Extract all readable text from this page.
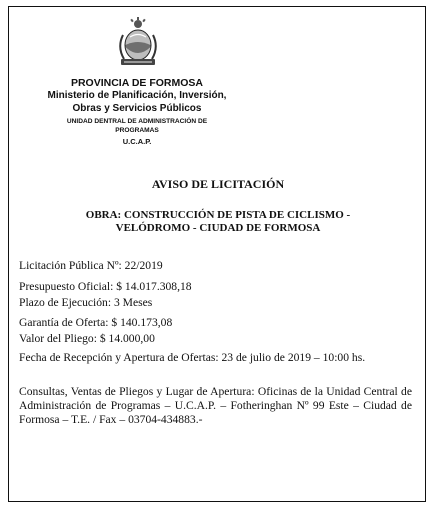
PROVINCIA DE FORMOSA
Ministerio de Planificación, Inversión,
Obras y Servicios Públicos
UNIDAD DENTRAL DE ADMINISTRACIÓN DE
PROGRAMAS
U.C.A.P.
AVISO DE LICITACIÓN
OBRA: CONSTRUCCIÓN DE PISTA DE CICLISMO -
VELÓDROMO - CIUDAD DE FORMOSA
Licitación Pública Nº: 22/2019
Presupuesto Oficial: $ 14.017.308,18
Plazo de Ejecución: 3 Meses
Garantía de Oferta: $ 140.173,08
Valor del Pliego: $ 14.000,00
Fecha de Recepción y Apertura de Ofertas: 23 de julio de 2019 – 10:00 hs.
Consultas, Ventas de Pliegos y Lugar de Apertura: Oficinas de la Unidad Central de Administración de Programas – U.C.A.P. – Fotheringhan Nº 99 Este – Ciudad de Formosa – T.E. / Fax – 03704-434883.-
